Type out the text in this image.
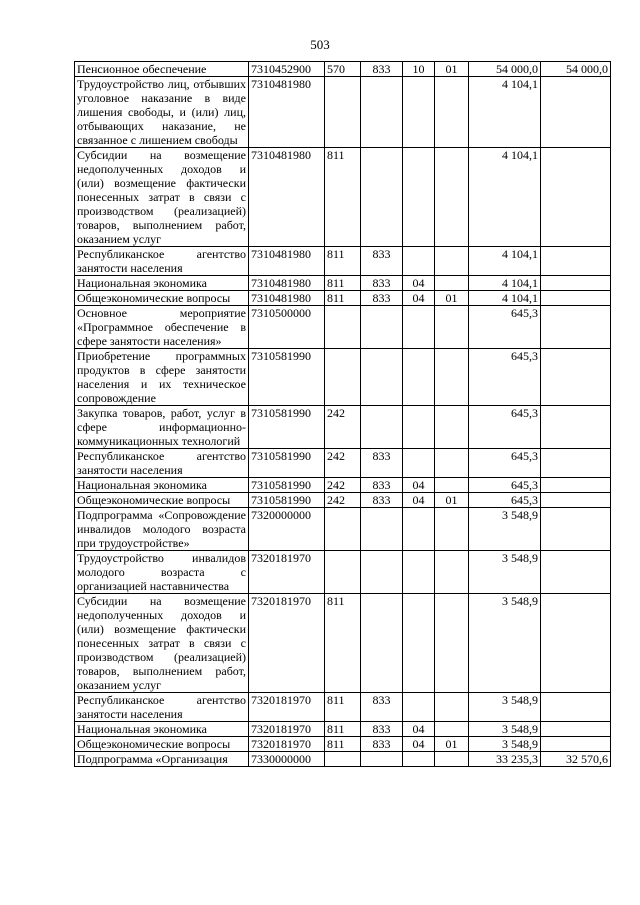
503
Пенсионное обеспечение	7310452900	570	833	10	01	54 000,0	54 000,0
Трудоустройство лиц, отбывших уголовное наказание в виде лишения свободы, и (или) лиц, отбывающих наказание, не связанное с лишением свободы	7310481980					4 104,1	
Субсидии на возмещение недополученных доходов и (или) возмещение фактически понесенных затрат в связи с производством (реализацией) товаров, выполнением работ, оказанием услуг	7310481980	811				4 104,1	
Республиканское агентство занятости населения	7310481980	811	833			4 104,1	
Национальная экономика	7310481980	811	833	04		4 104,1	
Общеэкономические вопросы	7310481980	811	833	04	01	4 104,1	
Основное мероприятие «Программное обеспечение в сфере занятости населения»	7310500000					645,3	
Приобретение программных продуктов в сфере занятости населения и их техническое сопровождение	7310581990					645,3	
Закупка товаров, работ, услуг в сфере информационно-коммуникационных технологий	7310581990	242				645,3	
Республиканское агентство занятости населения	7310581990	242	833			645,3	
Национальная экономика	7310581990	242	833	04		645,3	
Общеэкономические вопросы	7310581990	242	833	04	01	645,3	
Подпрограмма «Сопровождение инвалидов молодого возраста при трудоустройстве»	7320000000					3 548,9	
Трудоустройство инвалидов молодого возраста с организацией наставничества	7320181970					3 548,9	
Субсидии на возмещение недополученных доходов и (или) возмещение фактически понесенных затрат в связи с производством (реализацией) товаров, выполнением работ, оказанием услуг	7320181970	811				3 548,9	
Республиканское агентство занятости населения	7320181970	811	833			3 548,9	
Национальная экономика	7320181970	811	833	04		3 548,9	
Общеэкономические вопросы	7320181970	811	833	04	01	3 548,9	
Подпрограмма «Организация	7330000000					33 235,3	32 570,6
